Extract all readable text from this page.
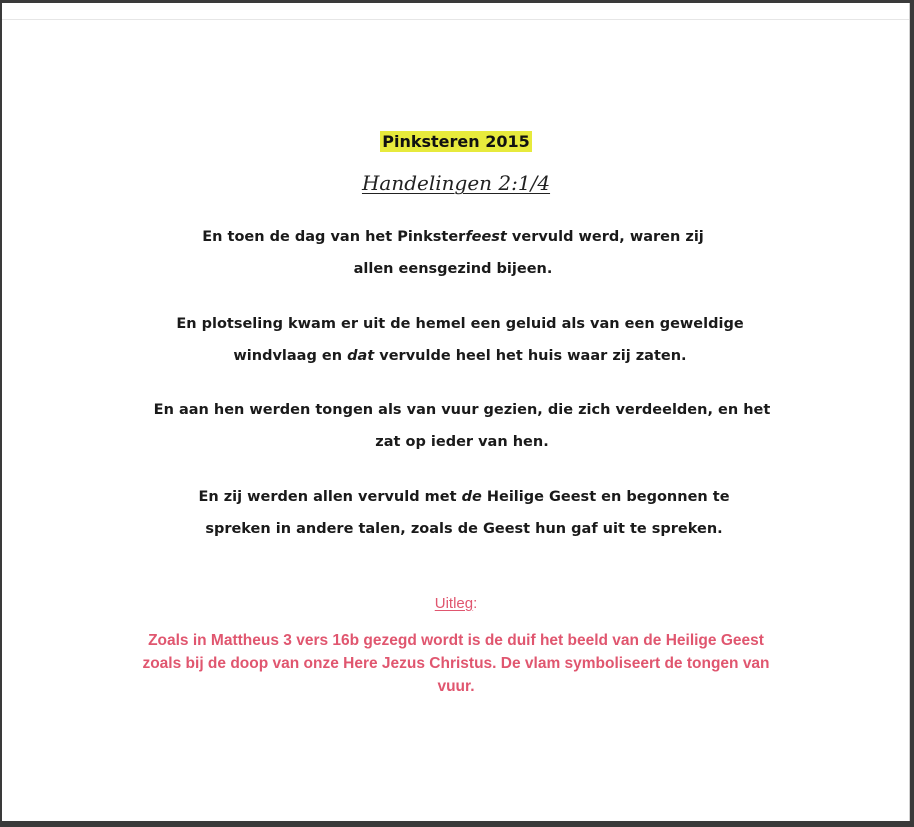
Pinksteren 2015
Handelingen 2:1/4
En toen de dag van het Pinksterfeest vervuld werd, waren zij
allen eensgezind bijeen.
En plotseling kwam er uit de hemel een geluid als van een geweldige
windvlaag en dat vervulde heel het huis waar zij zaten.
En aan hen werden tongen als van vuur gezien, die zich verdeelden, en het
zat op ieder van hen.
En zij werden allen vervuld met de Heilige Geest en begonnen te
spreken in andere talen, zoals de Geest hun gaf uit te spreken.
Uitleg:
Zoals in Mattheus 3 vers 16b gezegd wordt is de duif het beeld van de Heilige Geest
zoals bij de doop van onze Here Jezus Christus. De vlam symboliseert de tongen van
vuur.
